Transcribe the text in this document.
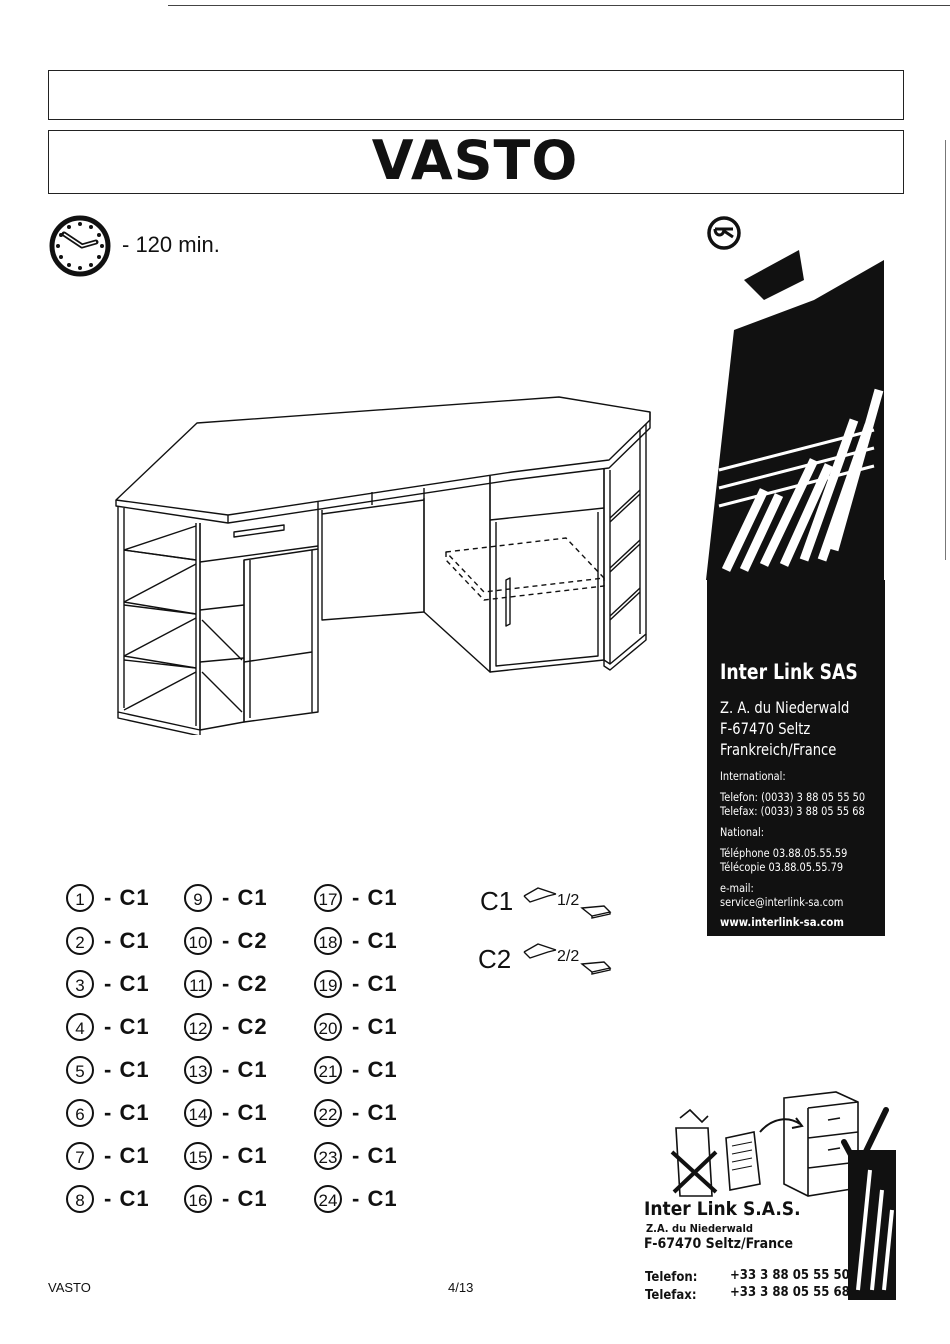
VASTO
- 120 min.
Inter Link SAS
Z. A. du Niederwald
F-67470 Seltz
Frankreich/France
International:
Telefon: (0033) 3 88 05 55 50
Telefax: (0033) 3 88 05 55 68
National:
Téléphone 03.88.05.55.59
Télécopie 03.88.05.55.79
e-mail:
service@interlink-sa.com
www.interlink-sa.com
1 - C1
2 - C1
3 - C1
4 - C1
5 - C1
6 - C1
7 - C1
8 - C1
9 - C1
10 - C2
11 - C2
12 - C2
13 - C1
14 - C1
15 - C1
16 - C1
17 - C1
18 - C1
19 - C1
20 - C1
21 - C1
22 - C1
23 - C1
24 - C1
C1	1/2
C2	2/2
Inter Link S.A.S.
Z.A. du Niederwald
F-67470 Seltz/France
Telefon:	+33 3 88 05 55 50
Telefax:	+33 3 88 05 55 68
VASTO	4/13
